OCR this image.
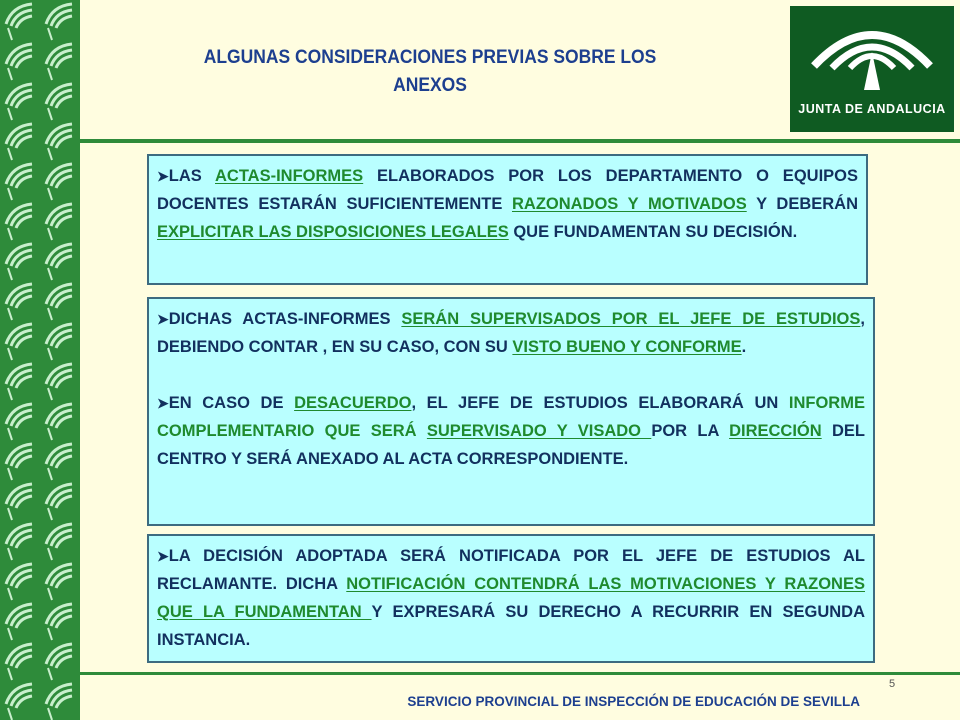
ALGUNAS CONSIDERACIONES PREVIAS SOBRE LOS
ANEXOS
JUNTA DE ANDALUCIA

➤LAS ACTAS-INFORMES ELABORADOS POR LOS DEPARTAMENTO O EQUIPOS DOCENTES ESTARÁN SUFICIENTEMENTE RAZONADOS Y MOTIVADOS Y DEBERÁN EXPLICITAR LAS DISPOSICIONES LEGALES QUE FUNDAMENTAN SU DECISIÓN.

➤DICHAS ACTAS-INFORMES SERÁN SUPERVISADOS POR EL JEFE DE ESTUDIOS, DEBIENDO CONTAR , EN SU CASO, CON SU VISTO BUENO Y CONFORME.

➤EN CASO DE DESACUERDO, EL JEFE DE ESTUDIOS ELABORARÁ UN INFORME COMPLEMENTARIO QUE SERÁ SUPERVISADO Y VISADO POR LA DIRECCIÓN DEL CENTRO Y SERÁ ANEXADO AL ACTA CORRESPONDIENTE.

➤LA DECISIÓN ADOPTADA SERÁ NOTIFICADA POR EL JEFE DE ESTUDIOS AL RECLAMANTE. DICHA NOTIFICACIÓN CONTENDRÁ LAS MOTIVACIONES Y RAZONES QUE LA FUNDAMENTAN Y EXPRESARÁ SU DERECHO A RECURRIR EN SEGUNDA INSTANCIA.

5
SERVICIO PROVINCIAL DE INSPECCIÓN DE EDUCACIÓN DE SEVILLA
